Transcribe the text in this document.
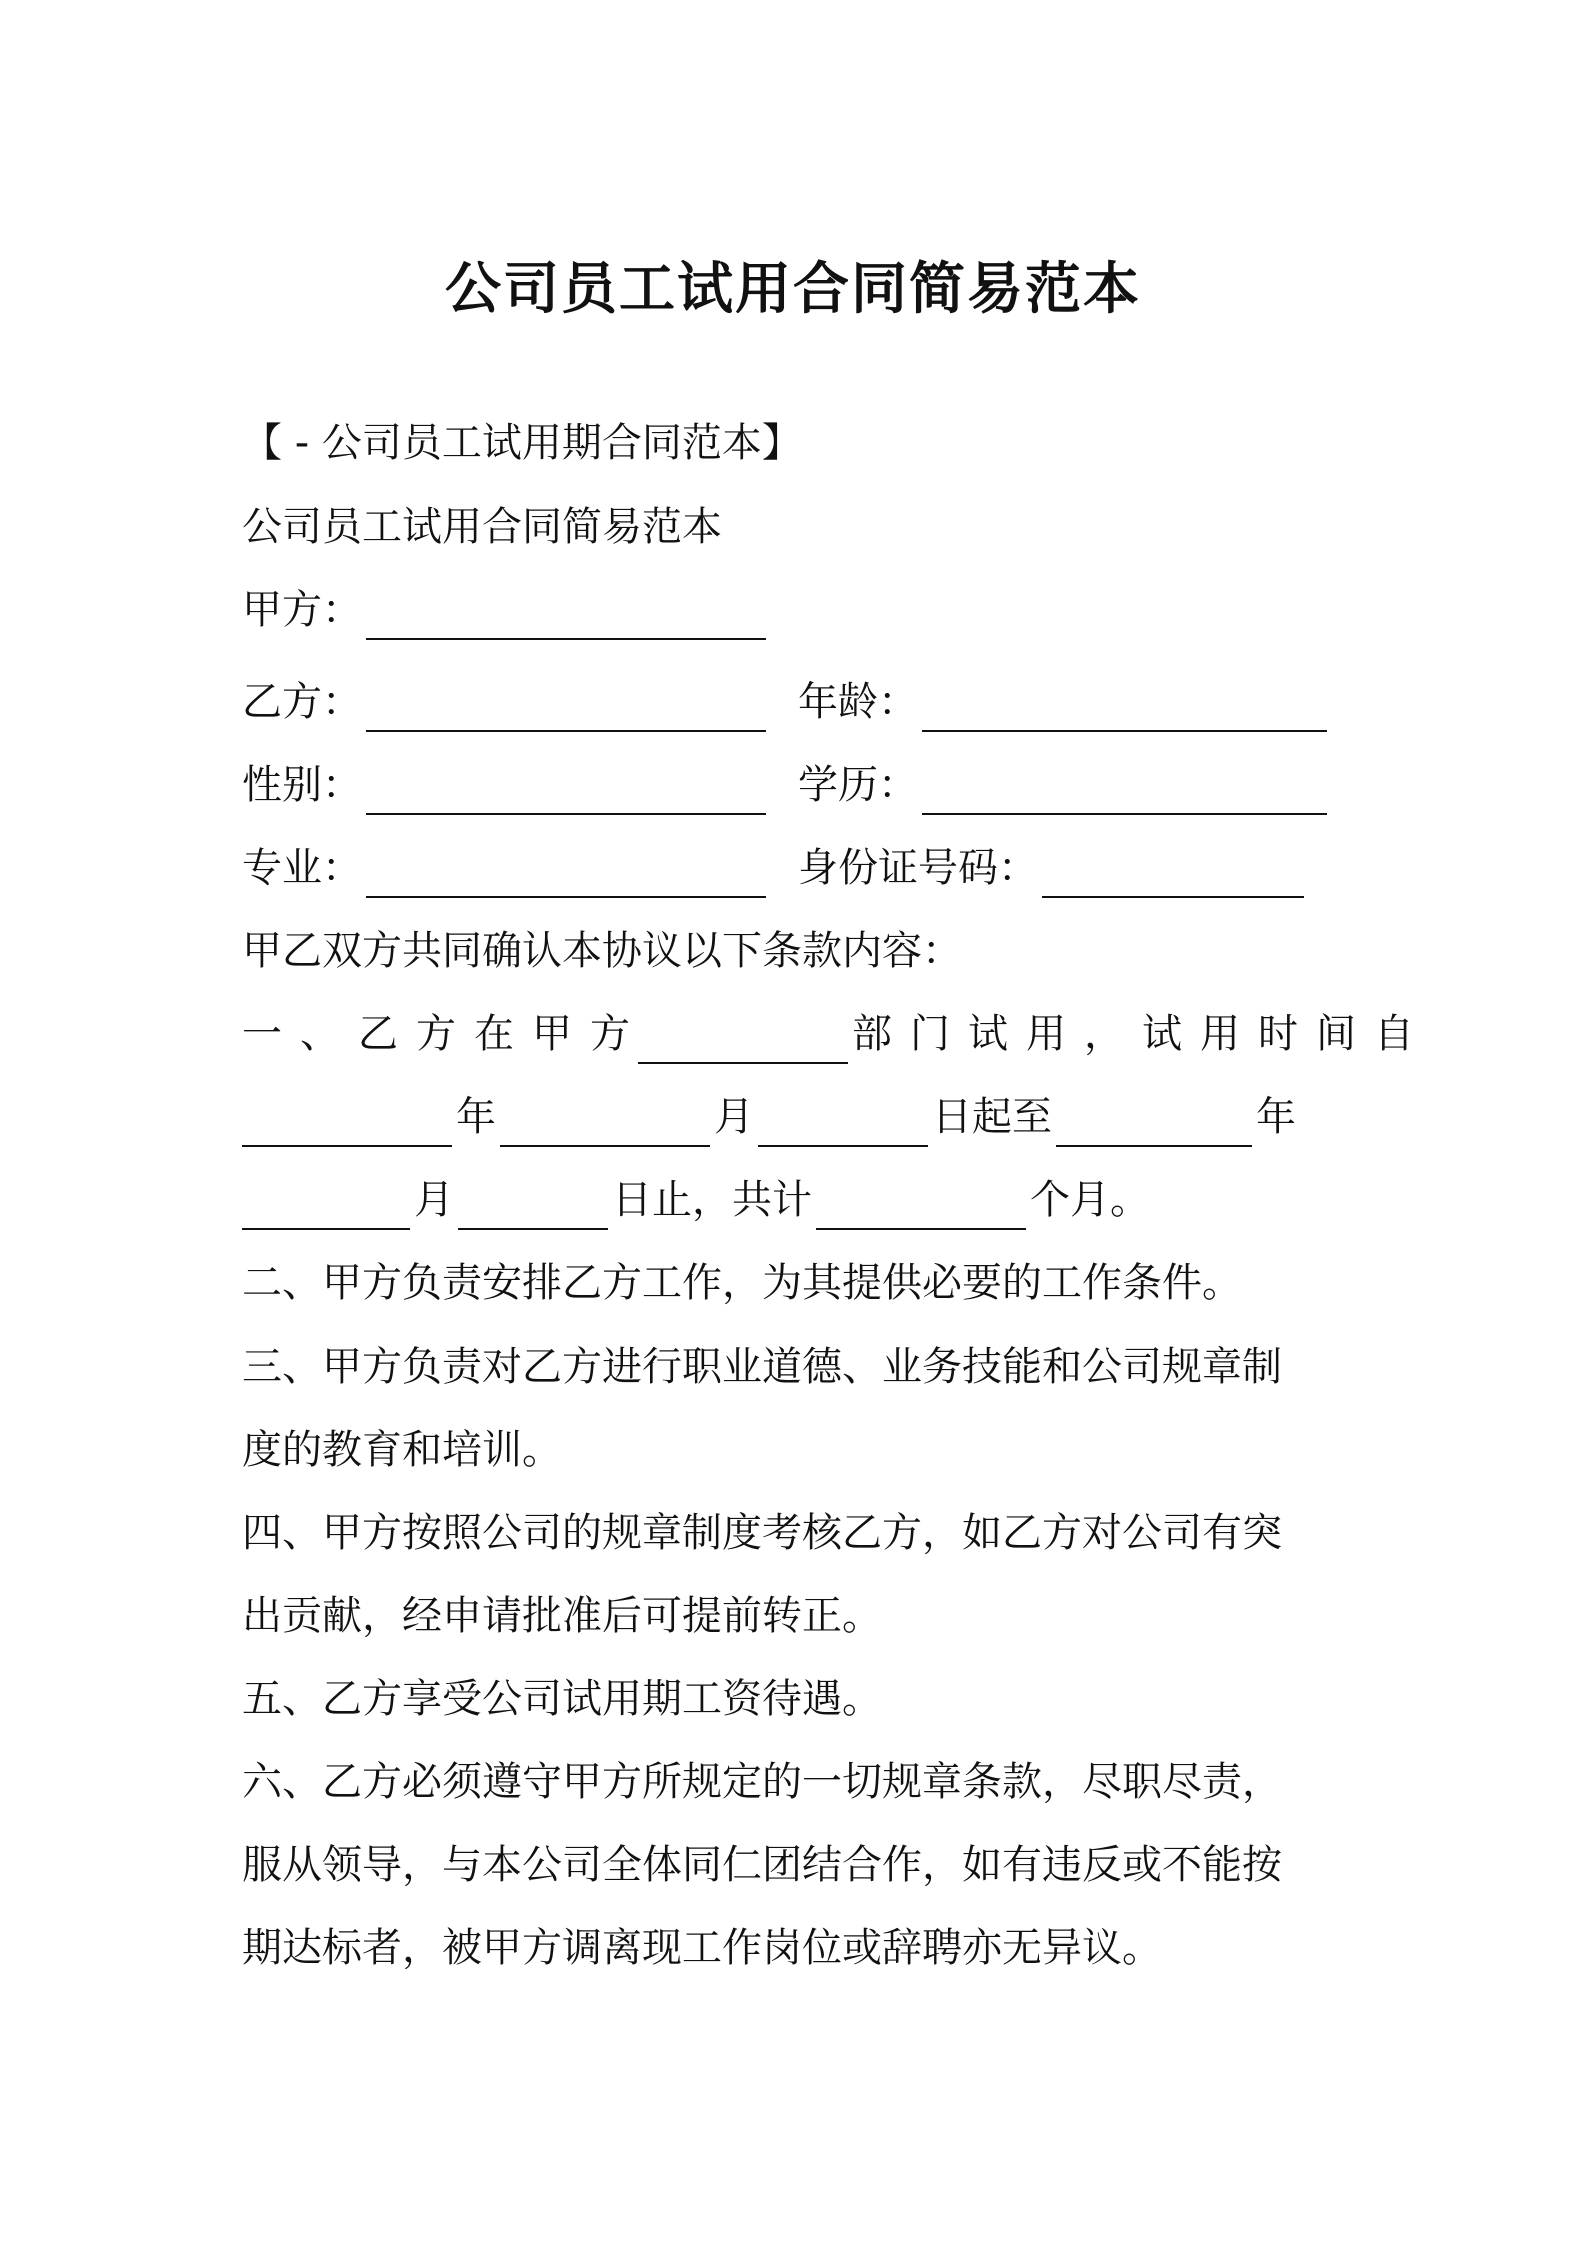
公司员工试用合同简易范本
【 - 公司员工试用期合同范本】
公司员工试用合同简易范本
甲方：
乙方：	年龄：
性别：	学历：
专业：	身份证号码：
甲乙双方共同确认本协议以下条款内容：
一、乙方在甲方	部门试用，试用时间自
年	月	日起至	年
月	日止，共计	个月。
二、甲方负责安排乙方工作，为其提供必要的工作条件。
三、甲方负责对乙方进行职业道德、业务技能和公司规章制
度的教育和培训。
四、甲方按照公司的规章制度考核乙方，如乙方对公司有突
出贡献，经申请批准后可提前转正。
五、乙方享受公司试用期工资待遇。
六、乙方必须遵守甲方所规定的一切规章条款，尽职尽责，
服从领导，与本公司全体同仁团结合作，如有违反或不能按
期达标者，被甲方调离现工作岗位或辞聘亦无异议。
